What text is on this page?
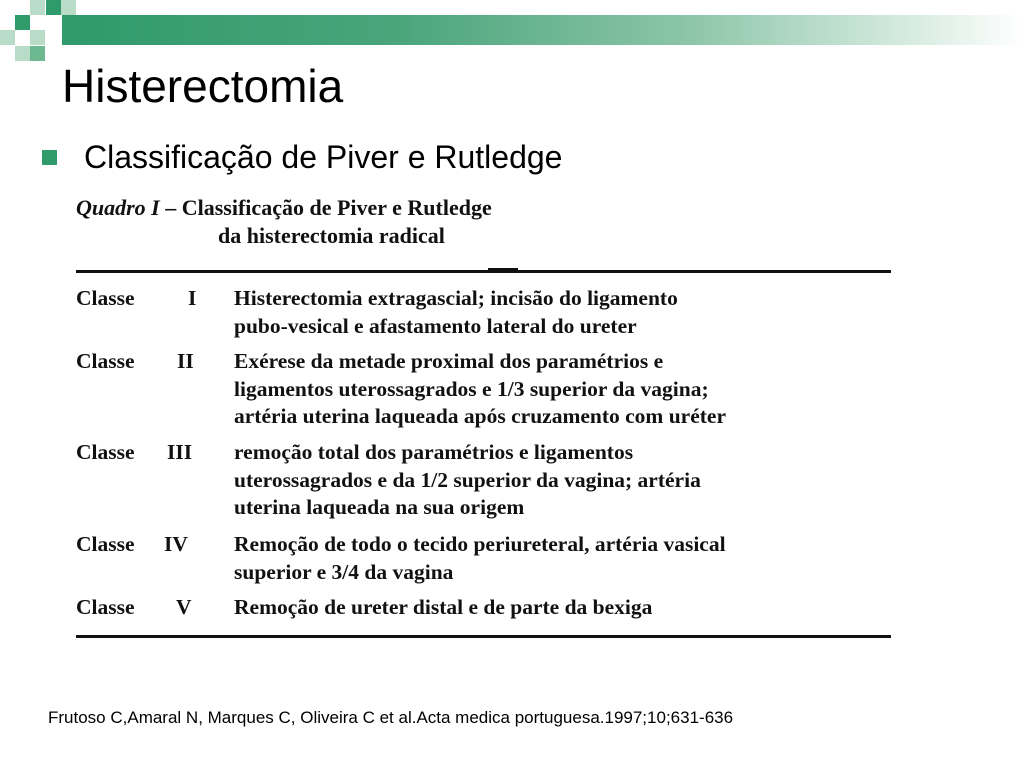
Histerectomia
Classificação de Piver e Rutledge
Quadro I – Classificação de Piver e Rutledge
da histerectomia radical
Classe I Histerectomia extragascial; incisão do ligamento
pubo-vesical e afastamento lateral do ureter
Classe II Exérese da metade proximal dos paramétrios e
ligamentos uterossagrados e 1/3 superior da vagina;
artéria uterina laqueada após cruzamento com uréter
Classe III remoção total dos paramétrios e ligamentos
uterossagrados e da 1/2 superior da vagina; artéria
uterina laqueada na sua origem
Classe IV Remoção de todo o tecido periureteral, artéria vasical
superior e 3/4 da vagina
Classe V Remoção de ureter distal e de parte da bexiga
Frutoso C,Amaral N, Marques C, Oliveira C et al.Acta medica portuguesa.1997;10;631-636
